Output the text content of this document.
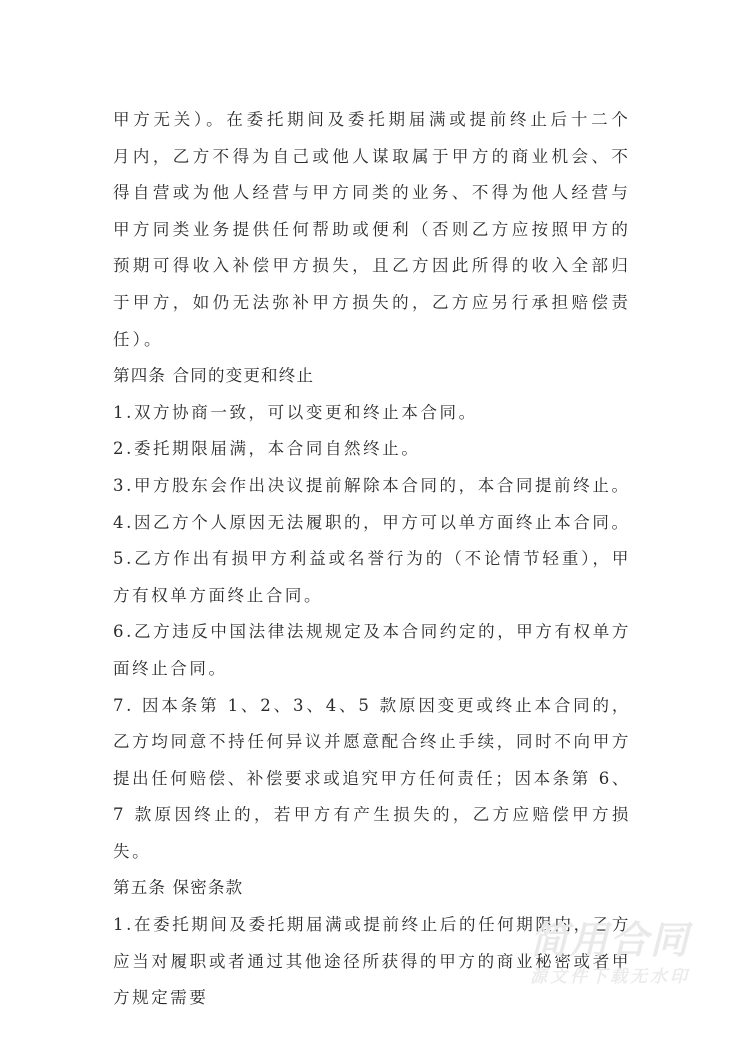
甲方无关）。在委托期间及委托期届满或提前终止后十二个月内，乙方不得为自己或他人谋取属于甲方的商业机会、不得自营或为他人经营与甲方同类的业务、不得为他人经营与甲方同类业务提供任何帮助或便利（否则乙方应按照甲方的预期可得收入补偿甲方损失，且乙方因此所得的收入全部归于甲方，如仍无法弥补甲方损失的，乙方应另行承担赔偿责任）。

第四条 合同的变更和终止

1.双方协商一致，可以变更和终止本合同。

2.委托期限届满，本合同自然终止。

3.甲方股东会作出决议提前解除本合同的，本合同提前终止。

4.因乙方个人原因无法履职的，甲方可以单方面终止本合同。

5.乙方作出有损甲方利益或名誉行为的（不论情节轻重），甲方有权单方面终止合同。

6.乙方违反中国法律法规规定及本合同约定的，甲方有权单方面终止合同。

7. 因本条第 1、2、3、4、5 款原因变更或终止本合同的，乙方均同意不持任何异议并愿意配合终止手续，同时不向甲方提出任何赔偿、补偿要求或追究甲方任何责任；因本条第 6、7 款原因终止的，若甲方有产生损失的，乙方应赔偿甲方损失。

第五条 保密条款

1.在委托期间及委托期届满或提前终止后的任何期限内，乙方应当对履职或者通过其他途径所获得的甲方的商业秘密或者甲方规定需要

简用合同
源文件下载无水印
